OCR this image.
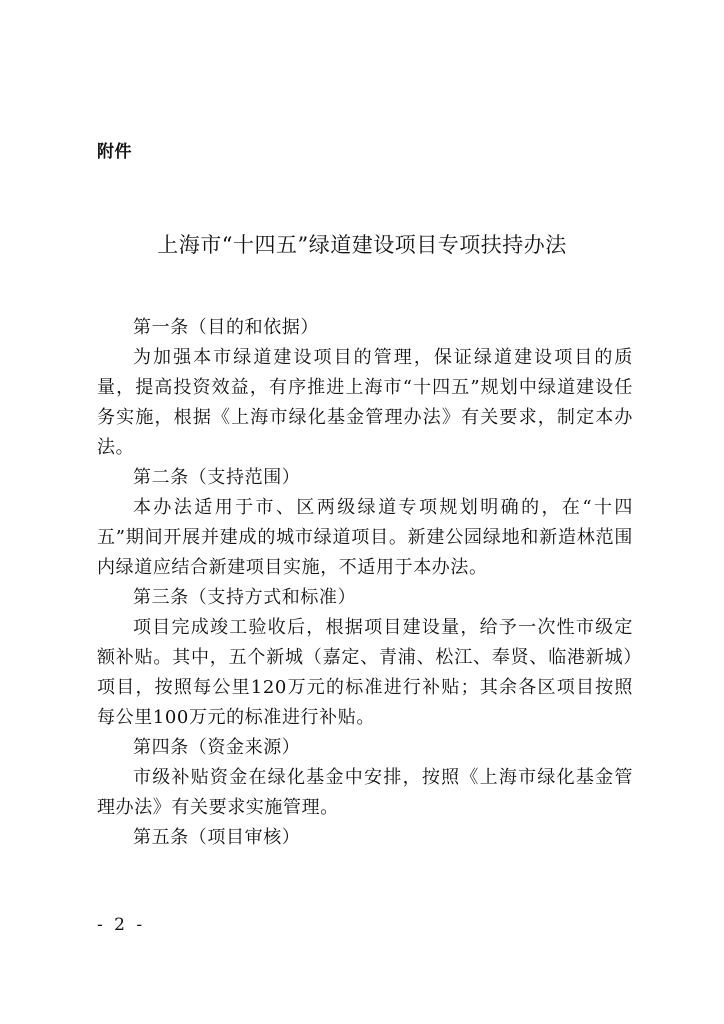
附件
上海市“十四五”绿道建设项目专项扶持办法

第一条（目的和依据）

为加强本市绿道建设项目的管理，保证绿道建设项目的质量，提高投资效益，有序推进上海市“十四五”规划中绿道建设任务实施，根据《上海市绿化基金管理办法》有关要求，制定本办法。

第二条（支持范围）

本办法适用于市、区两级绿道专项规划明确的，在“十四五”期间开展并建成的城市绿道项目。新建公园绿地和新造林范围内绿道应结合新建项目实施，不适用于本办法。

第三条（支持方式和标准）

项目完成竣工验收后，根据项目建设量，给予一次性市级定额补贴。其中，五个新城（嘉定、青浦、松江、奉贤、临港新城）项目，按照每公里120万元的标准进行补贴；其余各区项目按照每公里100万元的标准进行补贴。

第四条（资金来源）

市级补贴资金在绿化基金中安排，按照《上海市绿化基金管理办法》有关要求实施管理。

第五条（项目审核）

- 2 -
